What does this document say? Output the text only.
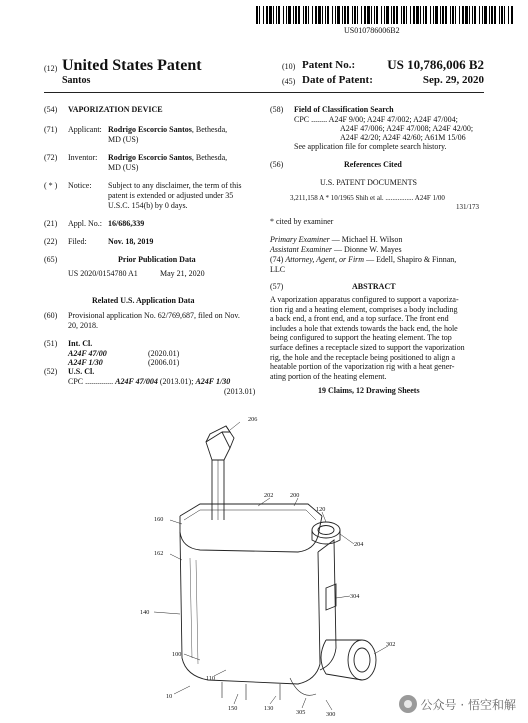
US010786006B2
(12) United States Patent
Santos
(10) Patent No.:	US 10,786,006 B2
(45) Date of Patent:	Sep. 29, 2020
(54) VAPORIZATION DEVICE
(71) Applicant: Rodrigo Escorcio Santos, Bethesda,
MD (US)
(72) Inventor: Rodrigo Escorcio Santos, Bethesda,
MD (US)
( * ) Notice: Subject to any disclaimer, the term of this
patent is extended or adjusted under 35
U.S.C. 154(b) by 0 days.
(21) Appl. No.: 16/686,339
(22) Filed:	Nov. 18, 2019
(65)	Prior Publication Data
US 2020/0154780 A1	May 21, 2020
Related U.S. Application Data
(60) Provisional application No. 62/769,687, filed on Nov.
20, 2018.
(51) Int. Cl.
A24F 47/00	(2020.01)
A24F 1/30	(2006.01)
(52) U.S. Cl.
CPC .............. A24F 47/004 (2013.01); A24F 1/30
(2013.01)
(58) Field of Classification Search
CPC ........ A24F 9/00; A24F 47/002; A24F 47/004;
A24F 47/006; A24F 47/008; A24F 42/00;
A24F 42/20; A24F 42/60; A61M 15/06
See application file for complete search history.
(56)	References Cited
U.S. PATENT DOCUMENTS
3,211,158 A * 10/1965 Shih et al. ................ A24F 1/00
131/173
* cited by examiner
Primary Examiner — Michael H. Wilson
Assistant Examiner — Dionne W. Mayes
(74) Attorney, Agent, or Firm — Edell, Shapiro & Finnan,
LLC
(57)	ABSTRACT
A vaporization apparatus configured to support a vaporiza-
tion rig and a heating element, comprises a body including
a back end, a front end, and a top surface. The front end
includes a hole that extends towards the back end, the hole
being configured to support the heating element. The top
surface defines a receptacle sized to support the vaporization
rig, the hole and the receptacle being positioned to align a
heatable portion of the vaporization rig with a heat gener-
ating portion of the heating element.
19 Claims, 12 Drawing Sheets
206
202	200
120
160
204
162
304
140
302
100
110
10
150	130
305	300
公众号 · 悟空和解
